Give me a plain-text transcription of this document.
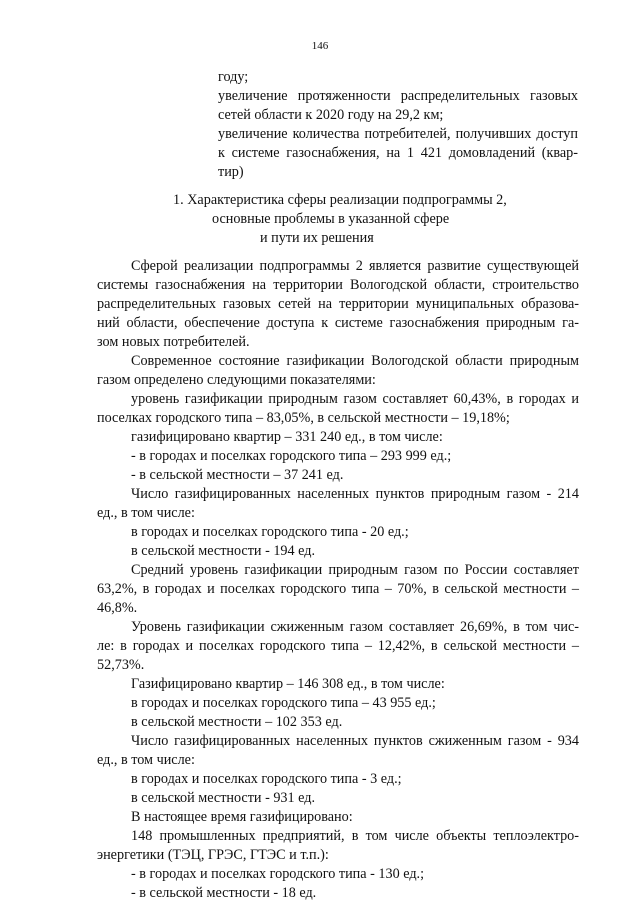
146
году;
увеличение протяженности распределительных газовых
сетей области к 2020 году на 29,2 км;
увеличение количества потребителей, получивших доступ
к системе газоснабжения, на 1 421 домовладений (квар-
тир)
1. Характеристика сферы реализации подпрограммы 2,
основные проблемы в указанной сфере
и пути их решения
Сферой реализации подпрограммы 2 является развитие существующей
системы газоснабжения на территории Вологодской области, строительство
распределительных газовых сетей на территории муниципальных образова-
ний области, обеспечение доступа к системе газоснабжения природным га-
зом новых потребителей.
Современное состояние газификации Вологодской области природным
газом определено следующими показателями:
уровень газификации природным газом составляет 60,43%, в городах и
поселках городского типа – 83,05%, в сельской местности – 19,18%;
газифицировано квартир – 331 240 ед., в том числе:
- в городах и поселках городского типа – 293 999 ед.;
- в сельской местности – 37 241 ед.
Число газифицированных населенных пунктов природным газом - 214
ед., в том числе:
в городах и поселках городского типа - 20 ед.;
в сельской местности - 194 ед.
Средний уровень газификации природным газом по России составляет
63,2%, в городах и поселках городского типа – 70%, в сельской местности –
46,8%.
Уровень газификации сжиженным газом составляет 26,69%, в том чис-
ле: в городах и поселках городского типа – 12,42%, в сельской местности –
52,73%.
Газифицировано квартир – 146 308 ед., в том числе:
в городах и поселках городского типа – 43 955 ед.;
в сельской местности – 102 353 ед.
Число газифицированных населенных пунктов сжиженным газом - 934
ед., в том числе:
в городах и поселках городского типа - 3 ед.;
в сельской местности - 931 ед.
В настоящее время газифицировано:
148 промышленных предприятий, в том числе объекты теплоэлектро-
энергетики (ТЭЦ, ГРЭС, ГТЭС и т.п.):
- в городах и поселках городского типа - 130 ед.;
- в сельской местности - 18 ед.
